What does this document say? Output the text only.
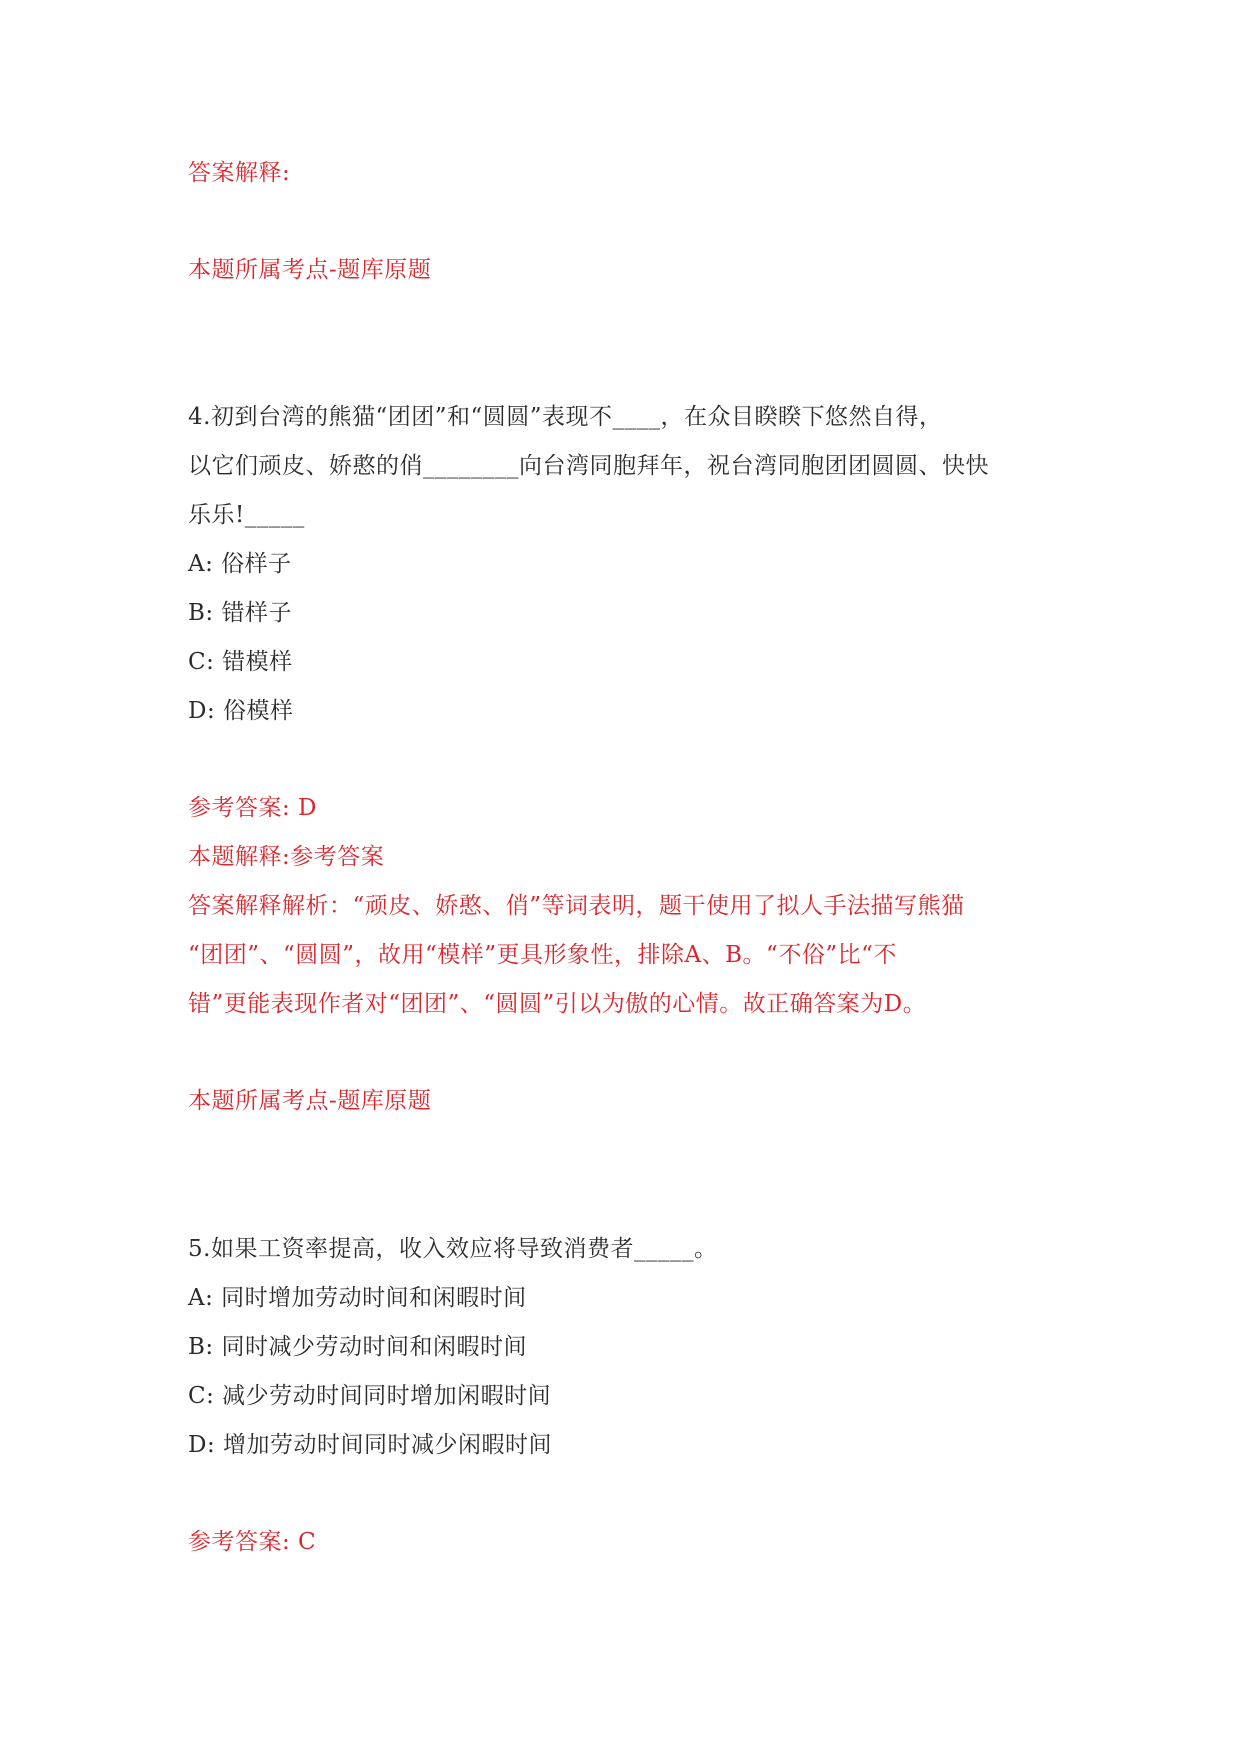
答案解释:
本题所属考点-题库原题
4.初到台湾的熊猫“团团”和“圆圆”表现不____，在众目睽睽下悠然自得，
以它们顽皮、娇憨的俏________向台湾同胞拜年，祝台湾同胞团团圆圆、快快
乐乐!_____
A: 俗样子
B: 错样子
C: 错模样
D: 俗模样
参考答案: D
本题解释:参考答案
答案解释解析：“顽皮、娇憨、俏”等词表明，题干使用了拟人手法描写熊猫
“团团”、“圆圆”，故用“模样”更具形象性，排除A、B。“不俗”比“不
错”更能表现作者对“团团”、“圆圆”引以为傲的心情。故正确答案为D。
本题所属考点-题库原题
5.如果工资率提高，收入效应将导致消费者_____。
A: 同时增加劳动时间和闲暇时间
B: 同时减少劳动时间和闲暇时间
C: 减少劳动时间同时增加闲暇时间
D: 增加劳动时间同时减少闲暇时间
参考答案: C
